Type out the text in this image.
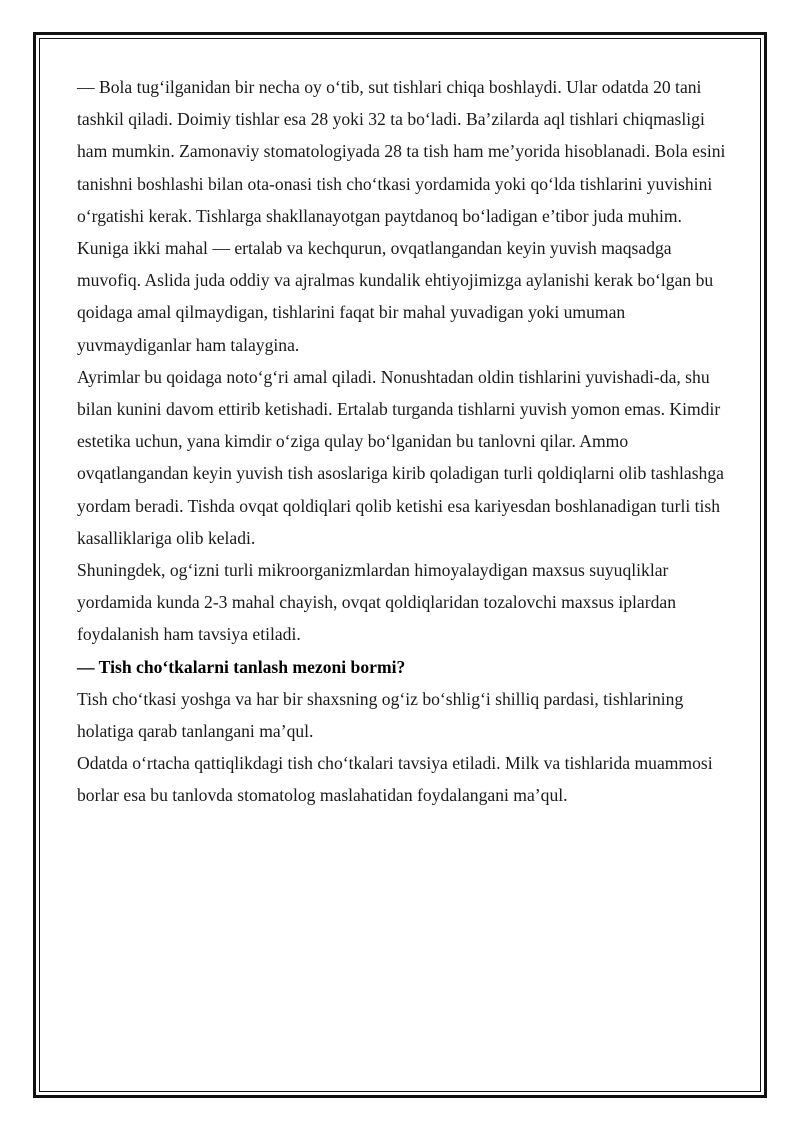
— Bola tug‘ilganidan bir necha oy o‘tib, sut tishlari chiqa boshlaydi. Ular odatda 20 tani tashkil qiladi. Doimiy tishlar esa 28 yoki 32 ta bo‘ladi. Ba’zilarda aql tishlari chiqmasligi ham mumkin. Zamonaviy stomatologiyada 28 ta tish ham me’yorida hisoblanadi. Bola esini tanishni boshlashi bilan ota-onasi tish cho‘tkasi yordamida yoki qo‘lda tishlarini yuvishini o‘rgatishi kerak. Tishlarga shakllanayotgan paytdanoq bo‘ladigan e’tibor juda muhim.

Kuniga ikki mahal — ertalab va kechqurun, ovqatlangandan keyin yuvish maqsadga muvofiq. Aslida juda oddiy va ajralmas kundalik ehtiyojimizga aylanishi kerak bo‘lgan bu qoidaga amal qilmaydigan, tishlarini faqat bir mahal yuvadigan yoki umuman yuvmaydiganlar ham talaygina.

Ayrimlar bu qoidaga noto‘g‘ri amal qiladi. Nonushtadan oldin tishlarini yuvishadi-da, shu bilan kunini davom ettirib ketishadi. Ertalab turganda tishlarni yuvish yomon emas. Kimdir estetika uchun, yana kimdir o‘ziga qulay bo‘lganidan bu tanlovni qilar. Ammo ovqatlangandan keyin yuvish tish asoslariga kirib qoladigan turli qoldiqlarni olib tashlashga yordam beradi. Tishda ovqat qoldiqlari qolib ketishi esa kariyesdan boshlanadigan turli tish kasalliklariga olib keladi.

Shuningdek, og‘izni turli mikroorganizmlardan himoyalaydigan maxsus suyuqliklar yordamida kunda 2-3 mahal chayish, ovqat qoldiqlaridan tozalovchi maxsus iplardan foydalanish ham tavsiya etiladi.

— Tish cho‘tkalarni tanlash mezoni bormi?

Tish cho‘tkasi yoshga va har bir shaxsning og‘iz bo‘shlig‘i shilliq pardasi, tishlarining holatiga qarab tanlangani ma’qul.

Odatda o‘rtacha qattiqlikdagi tish cho‘tkalari tavsiya etiladi. Milk va tishlarida muammosi borlar esa bu tanlovda stomatolog maslahatidan foydalangani ma’qul.
